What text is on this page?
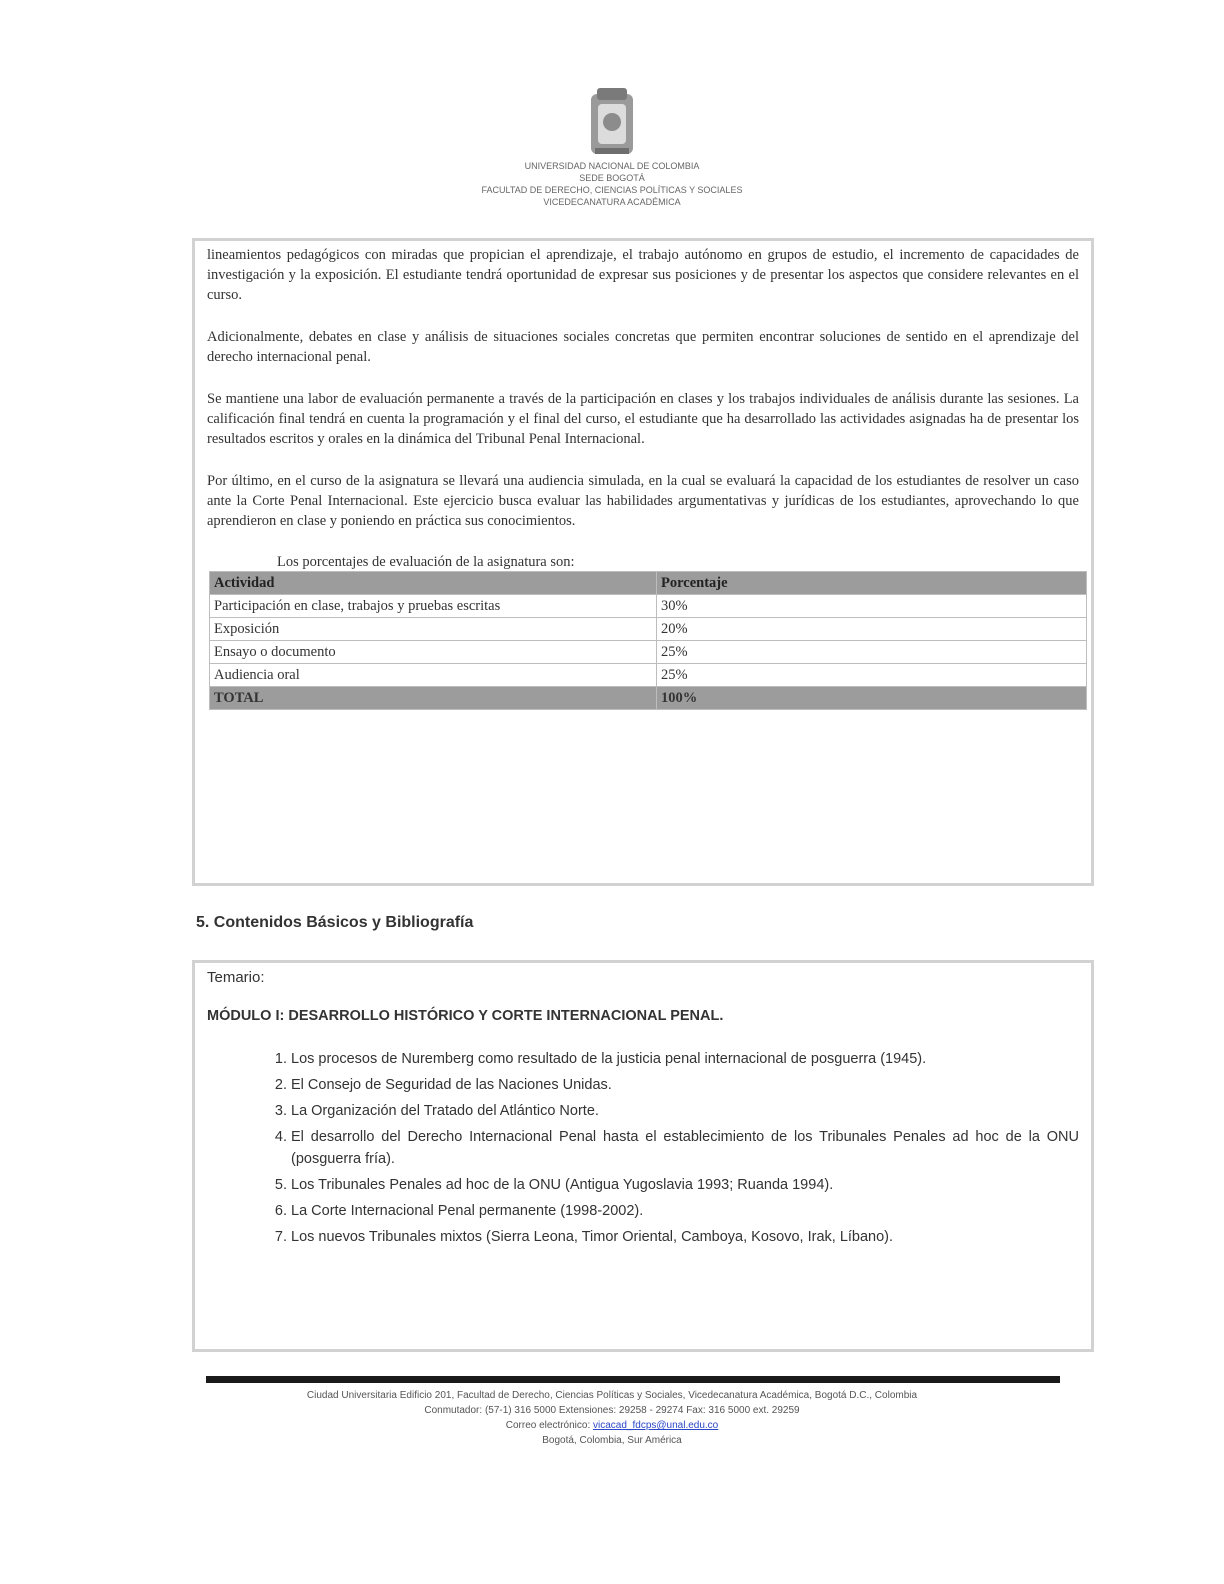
UNIVERSIDAD NACIONAL DE COLOMBIA

SEDE BOGOTÁ

FACULTAD DE DERECHO, CIENCIAS POLÍTICAS Y SOCIALES

VICEDECANATURA ACADÉMICA

lineamientos pedagógicos con miradas que propician el aprendizaje, el trabajo autónomo en grupos de estudio, el incremento de capacidades de investigación y la exposición. El estudiante tendrá oportunidad de expresar sus posiciones y de presentar los aspectos que considere relevantes en el curso.

Adicionalmente, debates en clase y análisis de situaciones sociales concretas que permiten encontrar soluciones de sentido en el aprendizaje del derecho internacional penal.

Se mantiene una labor de evaluación permanente a través de la participación en clases y los trabajos individuales de análisis durante las sesiones. La calificación final tendrá en cuenta la programación y el final del curso, el estudiante que ha desarrollado las actividades asignadas ha de presentar los resultados escritos y orales en la dinámica del Tribunal Penal Internacional.

Por último, en el curso de la asignatura se llevará una audiencia simulada, en la cual se evaluará la capacidad de los estudiantes de resolver un caso ante la Corte Penal Internacional. Este ejercicio busca evaluar las habilidades argumentativas y jurídicas de los estudiantes, aprovechando lo que aprendieron en clase y poniendo en práctica sus conocimientos.

Los porcentajes de evaluación de la asignatura son:

Actividad	Porcentaje
Participación en clase, trabajos y pruebas escritas	30%
Exposición	20%
Ensayo o documento	25%
Audiencia oral	25%
TOTAL	100%

5. Contenidos Básicos y Bibliografía

Temario:

MÓDULO I: DESARROLLO HISTÓRICO Y CORTE INTERNACIONAL PENAL.

1. Los procesos de Nuremberg como resultado de la justicia penal internacional de posguerra (1945).
2. El Consejo de Seguridad de las Naciones Unidas.
3. La Organización del Tratado del Atlántico Norte.
4. El desarrollo del Derecho Internacional Penal hasta el establecimiento de los Tribunales Penales ad hoc de la ONU (posguerra fría).
5. Los Tribunales Penales ad hoc de la ONU (Antigua Yugoslavia 1993; Ruanda 1994).
6. La Corte Internacional Penal permanente (1998-2002).
7. Los nuevos Tribunales mixtos (Sierra Leona, Timor Oriental, Camboya, Kosovo, Irak, Líbano).

Ciudad Universitaria Edificio 201, Facultad de Derecho, Ciencias Políticas y Sociales, Vicedecanatura Académica, Bogotá D.C., Colombia

Conmutador: (57-1) 316 5000 Extensiones: 29258 - 29274 Fax: 316 5000 ext. 29259

Correo electrónico: vicacad_fdcps@unal.edu.co

Bogotá, Colombia, Sur América
